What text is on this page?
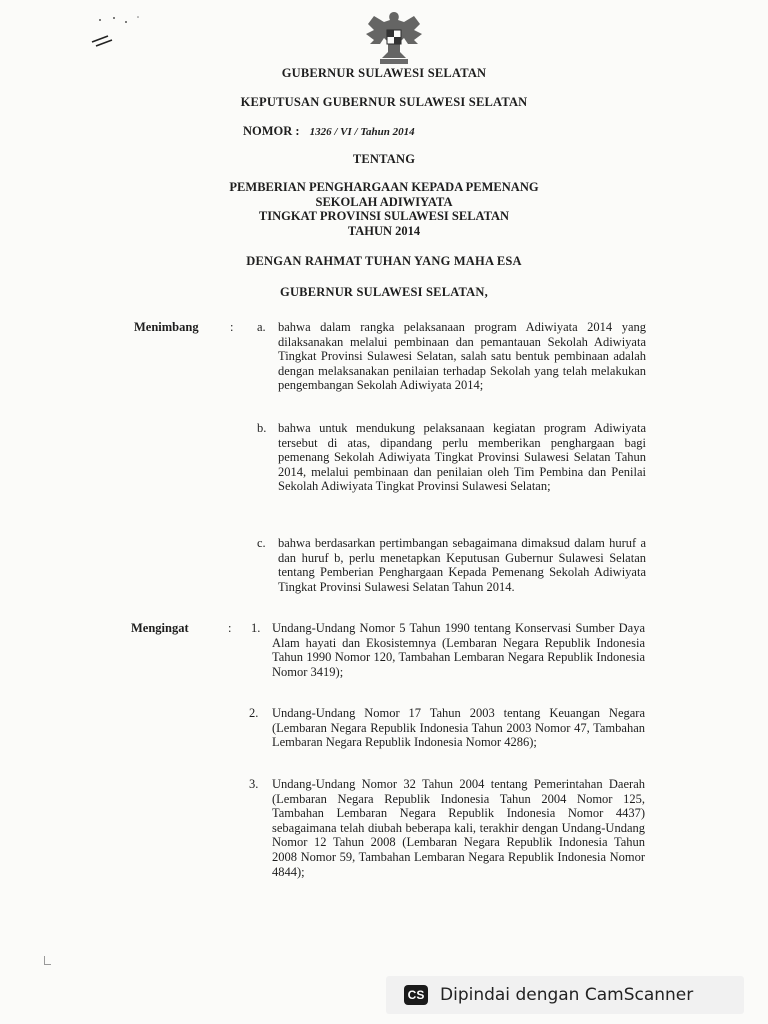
GUBERNUR SULAWESI SELATAN
KEPUTUSAN GUBERNUR SULAWESI SELATAN
NOMOR : 1326 / VI / Tahun 2014
TENTANG
PEMBERIAN PENGHARGAAN KEPADA PEMENANG
SEKOLAH ADIWIYATA
TINGKAT PROVINSI SULAWESI SELATAN
TAHUN 2014
DENGAN RAHMAT TUHAN YANG MAHA ESA
GUBERNUR SULAWESI SELATAN,
Menimbang	: a. bahwa dalam rangka pelaksanaan program Adiwiyata 2014 yang dilaksanakan melalui pembinaan dan pemantauan Sekolah Adiwiyata Tingkat Provinsi Sulawesi Selatan, salah satu bentuk pembinaan adalah dengan melaksanakan penilaian terhadap Sekolah yang telah melakukan pengembangan Sekolah Adiwiyata 2014;
b. bahwa untuk mendukung pelaksanaan kegiatan program Adiwiyata tersebut di atas, dipandang perlu memberikan penghargaan bagi pemenang Sekolah Adiwiyata Tingkat Provinsi Sulawesi Selatan Tahun 2014, melalui pembinaan dan penilaian oleh Tim Pembina dan Penilai Sekolah Adiwiyata Tingkat Provinsi Sulawesi Selatan;
c. bahwa berdasarkan pertimbangan sebagaimana dimaksud dalam huruf a dan huruf b, perlu menetapkan Keputusan Gubernur Sulawesi Selatan tentang Pemberian Penghargaan Kepada Pemenang Sekolah Adiwiyata Tingkat Provinsi Sulawesi Selatan Tahun 2014.
Mengingat	: 1. Undang-Undang Nomor 5 Tahun 1990 tentang Konservasi Sumber Daya Alam hayati dan Ekosistemnya (Lembaran Negara Republik Indonesia Tahun 1990 Nomor 120, Tambahan Lembaran Negara Republik Indonesia Nomor 3419);
2. Undang-Undang Nomor 17 Tahun 2003 tentang Keuangan Negara (Lembaran Negara Republik Indonesia Tahun 2003 Nomor 47, Tambahan Lembaran Negara Republik Indonesia Nomor 4286);
3. Undang-Undang Nomor 32 Tahun 2004 tentang Pemerintahan Daerah (Lembaran Negara Republik Indonesia Tahun 2004 Nomor 125, Tambahan Lembaran Negara Republik Indonesia Nomor 4437) sebagaimana telah diubah beberapa kali, terakhir dengan Undang-Undang Nomor 12 Tahun 2008 (Lembaran Negara Republik Indonesia Tahun 2008 Nomor 59, Tambahan Lembaran Negara Republik Indonesia Nomor 4844);
CS Dipindai dengan CamScanner
